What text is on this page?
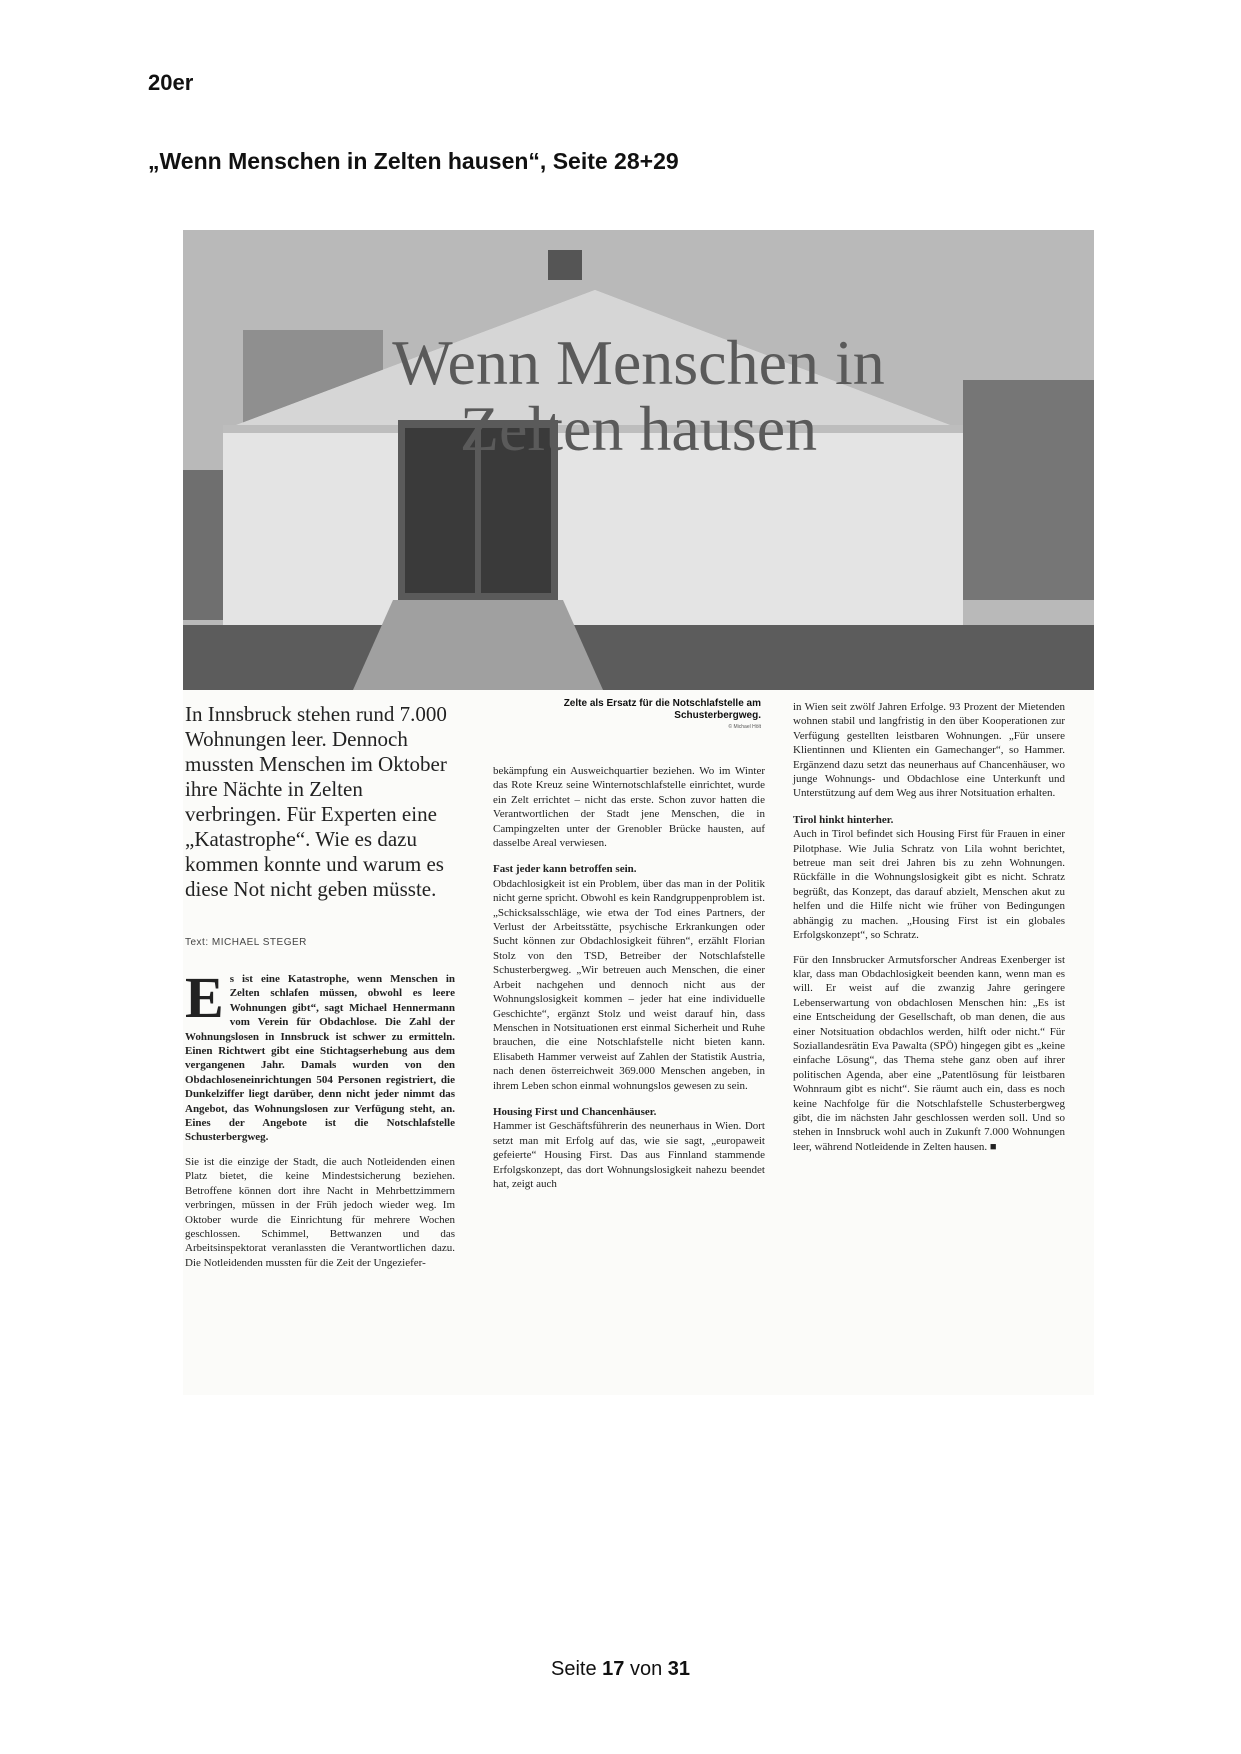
20er
„Wenn Menschen in Zelten hausen“, Seite 28+29
Wenn Menschen in
Zelten hausen
Zelte als Ersatz für die Notschlafstelle am Schusterbergweg.
© Michael Hölt
In Innsbruck stehen rund 7.000 Wohnungen leer. Dennoch mussten Menschen im Oktober ihre Nächte in Zelten verbringen. Für Experten eine „Katastrophe“. Wie es dazu kommen konnte und warum es diese Not nicht geben müsste.
Text: MICHAEL STEGER

Es ist eine Katastrophe, wenn Menschen in Zelten schlafen müssen, obwohl es leere Wohnungen gibt“, sagt Michael Hennermann vom Verein für Obdachlose. Die Zahl der Wohnungslosen in Innsbruck ist schwer zu ermitteln. Einen Richtwert gibt eine Stichtagserhebung aus dem vergangenen Jahr. Damals wurden von den Obdachloseneinrichtungen 504 Personen registriert, die Dunkelziffer liegt darüber, denn nicht jeder nimmt das Angebot, das Wohnungslosen zur Verfügung steht, an. Eines der Angebote ist die Notschlafstelle Schusterbergweg.

Sie ist die einzige der Stadt, die auch Notleidenden einen Platz bietet, die keine Mindestsicherung beziehen. Betroffene können dort ihre Nacht in Mehrbettzimmern verbringen, müssen in der Früh jedoch wieder weg. Im Oktober wurde die Einrichtung für mehrere Wochen geschlossen. Schimmel, Bettwanzen und das Arbeitsinspektorat veranlassten die Verantwortlichen dazu. Die Notleidenden mussten für die Zeit der Ungeziefer-

bekämpfung ein Ausweichquartier beziehen. Wo im Winter das Rote Kreuz seine Winternotschlafstelle einrichtet, wurde ein Zelt errichtet – nicht das erste. Schon zuvor hatten die Verantwortlichen der Stadt jene Menschen, die in Campingzelten unter der Grenobler Brücke hausten, auf dasselbe Areal verwiesen.

Fast jeder kann betroffen sein.

Obdachlosigkeit ist ein Problem, über das man in der Politik nicht gerne spricht. Obwohl es kein Randgruppenproblem ist. „Schicksalsschläge, wie etwa der Tod eines Partners, der Verlust der Arbeitsstätte, psychische Erkrankungen oder Sucht können zur Obdachlosigkeit führen“, erzählt Florian Stolz von den TSD, Betreiber der Notschlafstelle Schusterbergweg. „Wir betreuen auch Menschen, die einer Arbeit nachgehen und dennoch nicht aus der Wohnungslosigkeit kommen – jeder hat eine individuelle Geschichte“, ergänzt Stolz und weist darauf hin, dass Menschen in Notsituationen erst einmal Sicherheit und Ruhe brauchen, die eine Notschlafstelle nicht bieten kann. Elisabeth Hammer verweist auf Zahlen der Statistik Austria, nach denen österreichweit 369.000 Menschen angeben, in ihrem Leben schon einmal wohnungslos gewesen zu sein.

Housing First und Chancenhäuser.

Hammer ist Geschäftsführerin des neunerhaus in Wien. Dort setzt man mit Erfolg auf das, wie sie sagt, „europaweit gefeierte“ Housing First. Das aus Finnland stammende Erfolgskonzept, das dort Wohnungslosigkeit nahezu beendet hat, zeigt auch

in Wien seit zwölf Jahren Erfolge. 93 Prozent der Mietenden wohnen stabil und langfristig in den über Kooperationen zur Verfügung gestellten leistbaren Wohnungen. „Für unsere Klientinnen und Klienten ein Gamechanger“, so Hammer. Ergänzend dazu setzt das neunerhaus auf Chancenhäuser, wo junge Wohnungs- und Obdachlose eine Unterkunft und Unterstützung auf dem Weg aus ihrer Notsituation erhalten.

Tirol hinkt hinterher.

Auch in Tirol befindet sich Housing First für Frauen in einer Pilotphase. Wie Julia Schratz von Lila wohnt berichtet, betreue man seit drei Jahren bis zu zehn Wohnungen. Rückfälle in die Wohnungslosigkeit gibt es nicht. Schratz begrüßt, das Konzept, das darauf abzielt, Menschen akut zu helfen und die Hilfe nicht wie früher von Bedingungen abhängig zu machen. „Housing First ist ein globales Erfolgskonzept“, so Schratz.

Für den Innsbrucker Armutsforscher Andreas Exenberger ist klar, dass man Obdachlosigkeit beenden kann, wenn man es will. Er weist auf die zwanzig Jahre geringere Lebenserwartung von obdachlosen Menschen hin: „Es ist eine Entscheidung der Gesellschaft, ob man denen, die aus einer Notsituation obdachlos werden, hilft oder nicht.“ Für Soziallandesrätin Eva Pawalta (SPÖ) hingegen gibt es „keine einfache Lösung“, das Thema stehe ganz oben auf ihrer politischen Agenda, aber eine „Patentlösung für leistbaren Wohnraum gibt es nicht“. Sie räumt auch ein, dass es noch keine Nachfolge für die Notschlafstelle Schusterbergweg gibt, die im nächsten Jahr geschlossen werden soll. Und so stehen in Innsbruck wohl auch in Zukunft 7.000 Wohnungen leer, während Notleidende in Zelten hausen. ■

Seite 17 von 31
